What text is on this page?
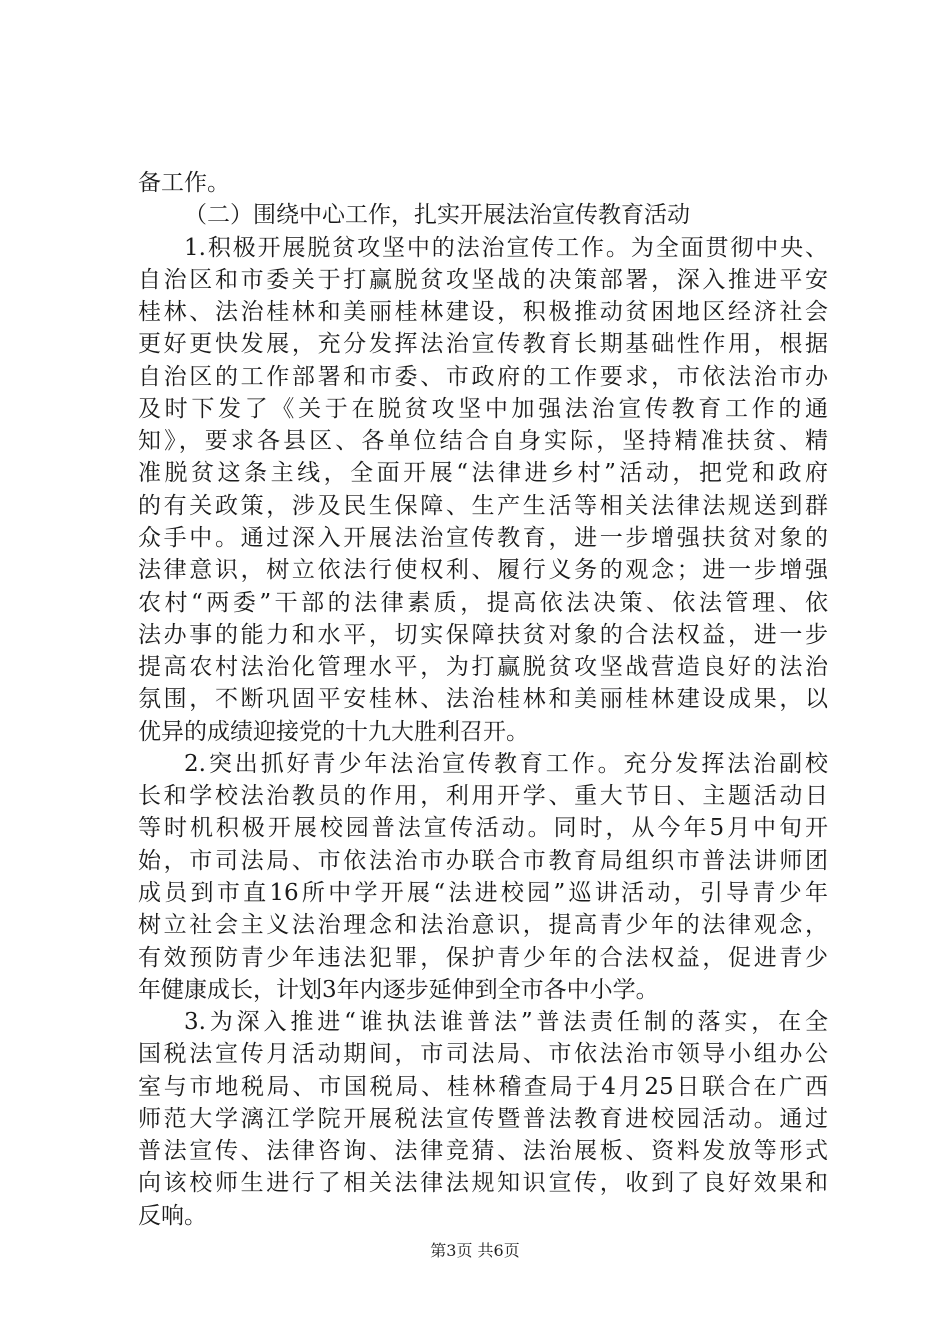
备工作。
（二）围绕中心工作，扎实开展法治宣传教育活动
1.积极开展脱贫攻坚中的法治宣传工作。为全面贯彻中央、
自治区和市委关于打赢脱贫攻坚战的决策部署，深入推进平安
桂林、法治桂林和美丽桂林建设，积极推动贫困地区经济社会
更好更快发展，充分发挥法治宣传教育长期基础性作用，根据
自治区的工作部署和市委、市政府的工作要求，市依法治市办
及时下发了《关于在脱贫攻坚中加强法治宣传教育工作的通
知》，要求各县区、各单位结合自身实际，坚持精准扶贫、精
准脱贫这条主线，全面开展“法律进乡村”活动，把党和政府
的有关政策，涉及民生保障、生产生活等相关法律法规送到群
众手中。通过深入开展法治宣传教育，进一步增强扶贫对象的
法律意识，树立依法行使权利、履行义务的观念；进一步增强
农村“两委”干部的法律素质，提高依法决策、依法管理、依
法办事的能力和水平，切实保障扶贫对象的合法权益，进一步
提高农村法治化管理水平，为打赢脱贫攻坚战营造良好的法治
氛围，不断巩固平安桂林、法治桂林和美丽桂林建设成果，以
优异的成绩迎接党的十九大胜利召开。
2.突出抓好青少年法治宣传教育工作。充分发挥法治副校
长和学校法治教员的作用，利用开学、重大节日、主题活动日
等时机积极开展校园普法宣传活动。同时，从今年5月中旬开
始，市司法局、市依法治市办联合市教育局组织市普法讲师团
成员到市直16所中学开展“法进校园”巡讲活动，引导青少年
树立社会主义法治理念和法治意识，提高青少年的法律观念，
有效预防青少年违法犯罪，保护青少年的合法权益，促进青少
年健康成长，计划3年内逐步延伸到全市各中小学。
3.为深入推进“谁执法谁普法”普法责任制的落实，在全
国税法宣传月活动期间，市司法局、市依法治市领导小组办公
室与市地税局、市国税局、桂林稽查局于4月25日联合在广西
师范大学漓江学院开展税法宣传暨普法教育进校园活动。通过
普法宣传、法律咨询、法律竞猜、法治展板、资料发放等形式
向该校师生进行了相关法律法规知识宣传，收到了良好效果和
反响。
第3页 共6页
